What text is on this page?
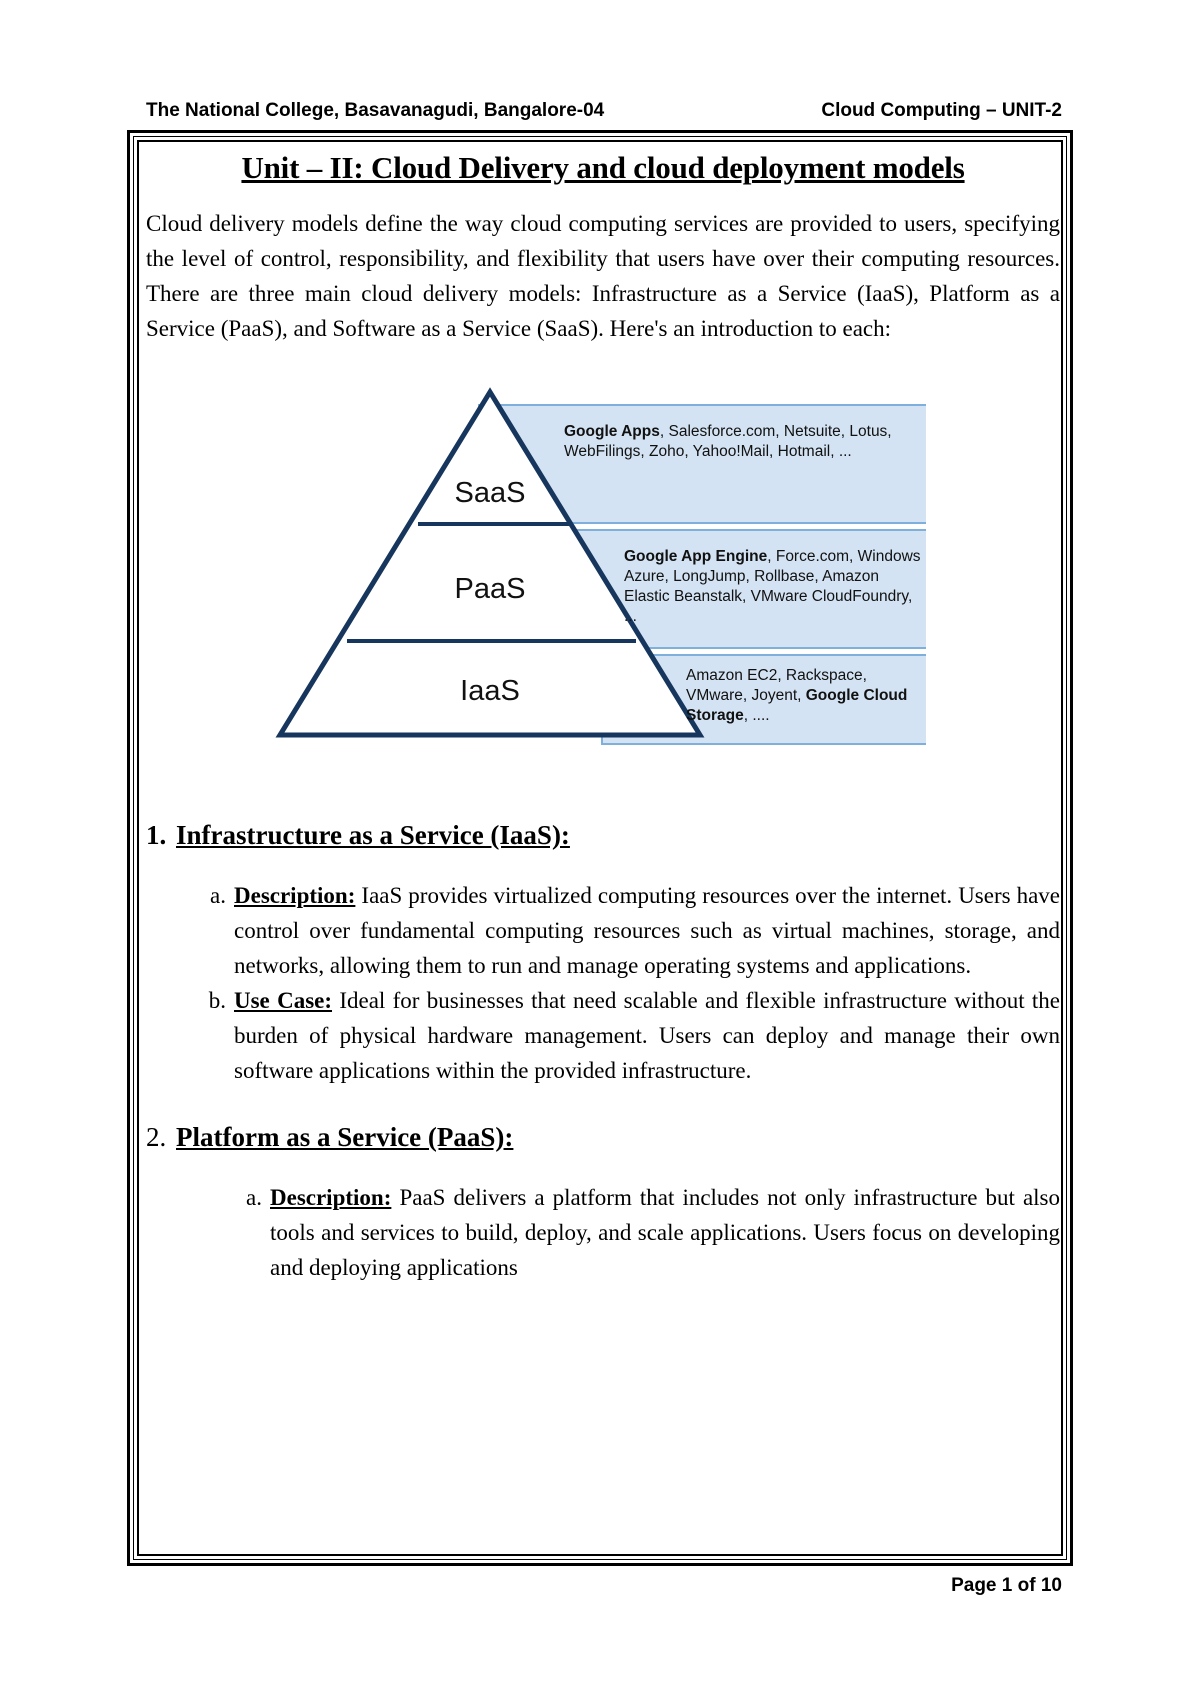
The National College, Basavanagudi, Bangalore-04	Cloud Computing – UNIT-2
Unit – II: Cloud Delivery and cloud deployment models

Cloud delivery models define the way cloud computing services are provided to users, specifying the level of control, responsibility, and flexibility that users have over their computing resources. There are three main cloud delivery models: Infrastructure as a Service (IaaS), Platform as a Service (PaaS), and Software as a Service (SaaS). Here's an introduction to each:

SaaS
PaaS
IaaS
Google Apps, Salesforce.com, Netsuite, Lotus, WebFilings, Zoho, Yahoo!Mail, Hotmail, ...
Google App Engine, Force.com, Windows Azure, LongJump, Rollbase, Amazon Elastic Beanstalk, VMware CloudFoundry, ...
Amazon EC2, Rackspace, VMware, Joyent, Google Cloud Storage, ....
1. Infrastructure as a Service (IaaS):
a. Description: IaaS provides virtualized computing resources over the internet. Users have control over fundamental computing resources such as virtual machines, storage, and networks, allowing them to run and manage operating systems and applications.
b. Use Case: Ideal for businesses that need scalable and flexible infrastructure without the burden of physical hardware management. Users can deploy and manage their own software applications within the provided infrastructure.
2. Platform as a Service (PaaS):
a. Description: PaaS delivers a platform that includes not only infrastructure but also tools and services to build, deploy, and scale applications. Users focus on developing and deploying applications
Page 1 of 10
